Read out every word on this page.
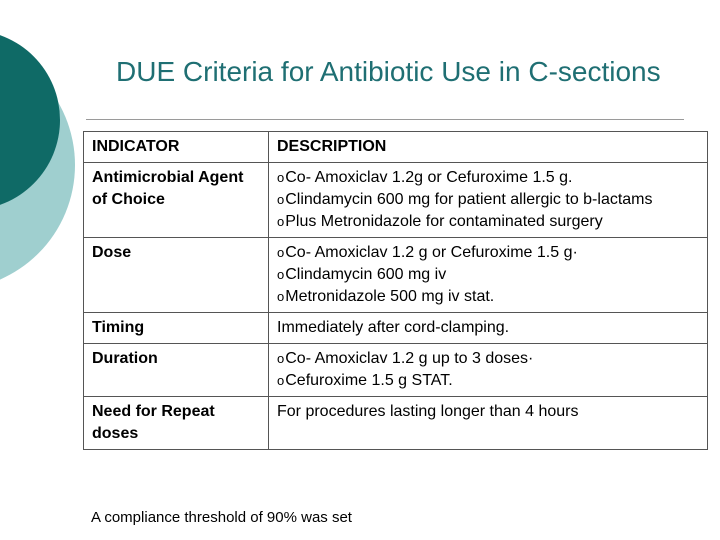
DUE Criteria for Antibiotic Use in C-sections
INDICATOR	DESCRIPTION
Antimicrobial Agent of Choice	oCo- Amoxiclav 1.2g or Cefuroxime 1.5 g.
oClindamycin 600 mg for patient allergic to b-lactams
oPlus Metronidazole for contaminated surgery

Dose	oCo- Amoxiclav 1.2 g or Cefuroxime 1.5 g·
oClindamycin 600 mg iv
oMetronidazole 500 mg iv stat.

Timing	Immediately after cord-clamping.
Duration	oCo- Amoxiclav 1.2 g up to 3 doses·
oCefuroxime 1.5 g STAT.

Need for Repeat doses	For procedures lasting longer than 4 hours
A compliance threshold of 90% was set
